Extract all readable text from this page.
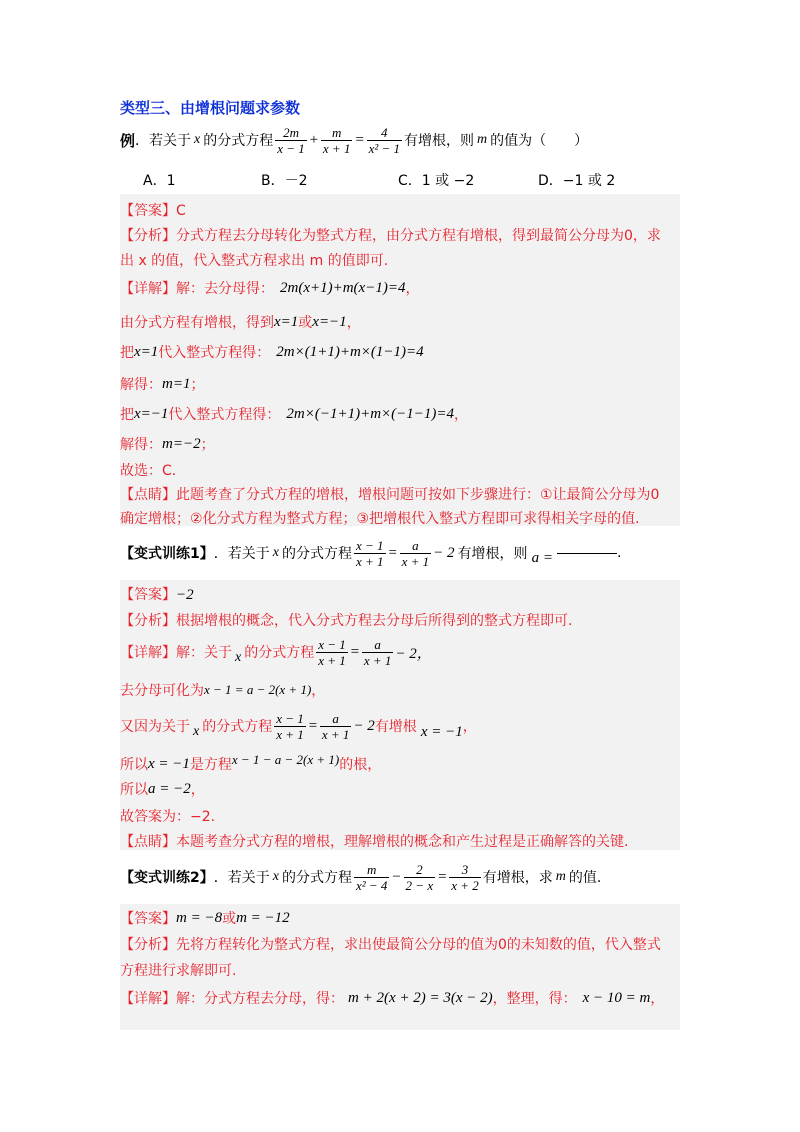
类型三、由增根问题求参数
例 ．若关于 x 的分式方程 $\frac{2m}{x - 1} + \frac{m}{x + 1} = \frac{4}{\text{x² − 1}}$ 有增根，则 m 的值为（　　）
A．1	B．－2	C．1 或 −2	D．−1 或 2
【答案】C
【分析】分式方程去分母转化为整式方程，由分式方程有增根，得到最简公分母为0，求
出 x 的值，代入整式方程求出 m 的值即可.
【详解】 解：去分母得： 2m(x+1)+m(x−1)=4 ，
由分式方程有增根，得到 x=1 或 x=−1 ，
把 x=1 代入整式方程得： 2m×(1+1)+m×(1−1)=4
解得： m=1 ；
把 x=−1 代入整式方程得： 2m×(−1+1)+m×(−1−1)=4 ，
解得： m=−2 ；
故选：C.
【点睛】此题考查了分式方程的增根，增根问题可按如下步骤进行：①让最简公分母为0
确定增根；②化分式方程为整式方程；③把增根代入整式方程即可求得相关字母的值.
【变式训练1】 ．若关于 x 的分式方程 $\frac{x - 1}{x + 1} = \frac{a}{x + 1} - 2$ 有增根，则 a =	.
【答案】−2
【分析】根据增根的概念，代入分式方程去分母后所得到的整式方程即可.
【详解】 解：关于 x 的分式方程 $\frac{x - 1}{x + 1} = \frac{a}{x + 1} - 2$，
去分母可化为 x − 1 = a − 2(x + 1) ，
又因为关于 x 的分式方程 $\frac{x - 1}{x + 1} = \frac{a}{x + 1} - 2$ 有增根 x = −1 ，
所以 x = −1 是方程 x − 1 − a − 2(x + 1) 的根，
所以 a = −2 ，
故答案为：−2.
【点睛】本题考查分式方程的增根，理解增根的概念和产生过程是正确解答的关键.
【变式训练2】 ．若关于 x 的分式方程 $\frac{m}{\text{x² − 4}} - \frac{2}{2 - x} = \frac{3}{x + 2}$ 有增根，求 m 的值.
【答案】 m = −8 或 m = −12
【分析】先将方程转化为整式方程，求出使最简公分母的值为0的未知数的值，代入整式
方程进行求解即可.
【详解】 解：分式方程去分母，得： m + 2(x + 2) = 3(x − 2) ，整理，得： x − 10 = m ，
